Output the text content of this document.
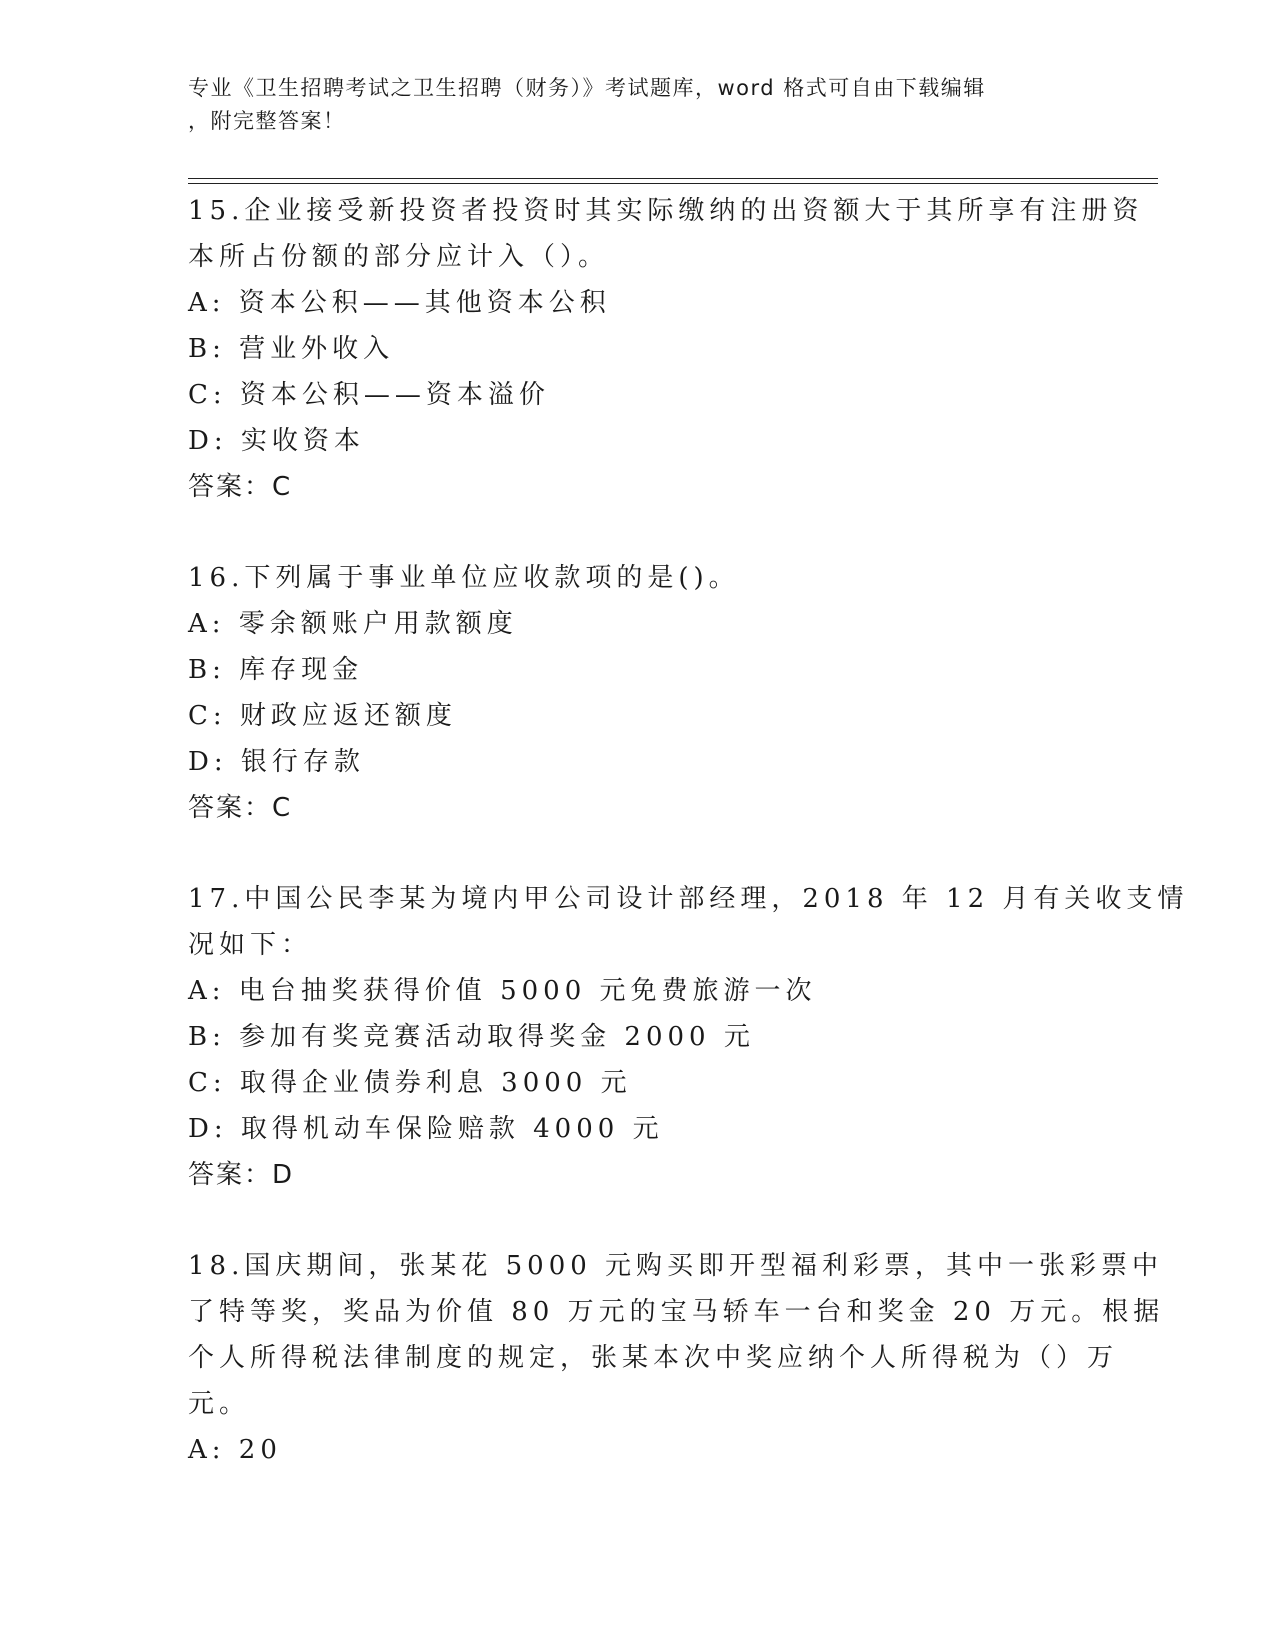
专业《卫生招聘考试之卫生招聘（财务）》考试题库，word 格式可自由下载编辑
，附完整答案！
15.企业接受新投资者投资时其实际缴纳的出资额大于其所享有注册资
本所占份额的部分应计入（）。
A: 资本公积——其他资本公积
B: 营业外收入
C: 资本公积——资本溢价
D: 实收资本
答案：C
16.下列属于事业单位应收款项的是()。
A: 零余额账户用款额度
B: 库存现金
C: 财政应返还额度
D: 银行存款
答案：C
17.中国公民李某为境内甲公司设计部经理，2018 年 12 月有关收支情
况如下：
A: 电台抽奖获得价值 5000 元免费旅游一次
B: 参加有奖竞赛活动取得奖金 2000 元
C: 取得企业债券利息 3000 元
D: 取得机动车保险赔款 4000 元
答案：D
18.国庆期间，张某花 5000 元购买即开型福利彩票，其中一张彩票中
了特等奖，奖品为价值 80 万元的宝马轿车一台和奖金 20 万元。根据
个人所得税法律制度的规定，张某本次中奖应纳个人所得税为（）万
元。
A: 20
